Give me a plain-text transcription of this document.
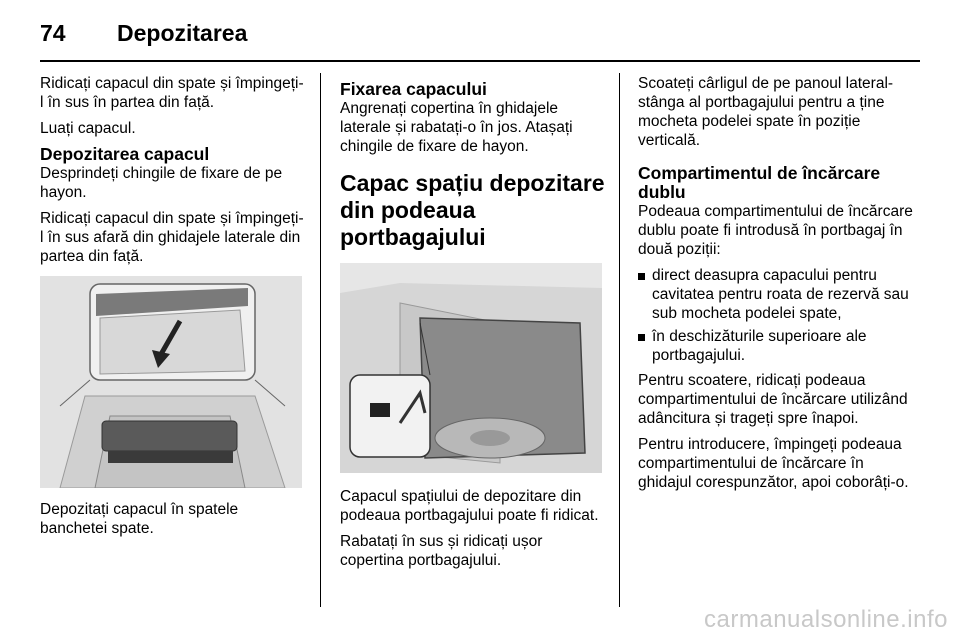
74 Depozitarea

Ridicați capacul din spate și împingeți-l în sus în partea din față.

Luați capacul.

Depozitarea capacul

Desprindeți chingile de fixare de pe hayon.

Ridicați capacul din spate și împingeți-l în sus afară din ghidajele laterale din partea din față.

Depozitați capacul în spatele banchetei spate.

Fixarea capacului

Angrenați copertina în ghidajele laterale și rabatați-o în jos. Atașați chingile de fixare de hayon.

Capac spațiu depozitare din podeaua portbagajului

Capacul spațiului de depozitare din podeaua portbagajului poate fi ridicat.

Rabatați în sus și ridicați ușor copertina portbagajului.

Scoateți cârligul de pe panoul lateral-stânga al portbagajului pentru a ține mocheta podelei spate în poziție verticală.

Compartimentul de încărcare dublu

Podeaua compartimentului de încărcare dublu poate fi introdusă în portbagaj în două poziții:

direct deasupra capacului pentru cavitatea pentru roata de rezervă sau sub mocheta podelei spate,
în deschizăturile superioare ale portbagajului.

Pentru scoatere, ridicați podeaua compartimentului de încărcare utilizând adâncitura și trageți spre înapoi.

Pentru introducere, împingeți podeaua compartimentului de încărcare în ghidajul corespunzător, apoi coborâți-o.

carmanualsonline.info
